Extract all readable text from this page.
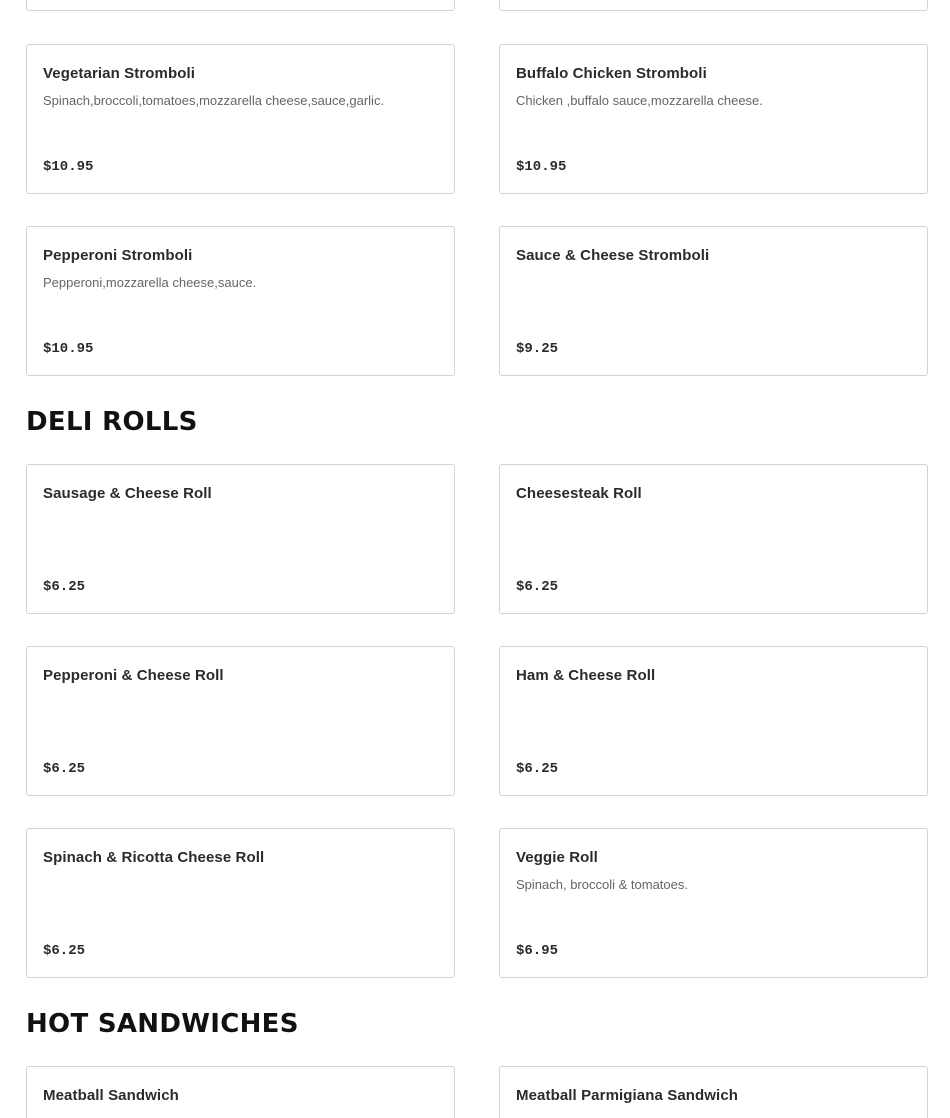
Vegetarian Stromboli
Spinach,broccoli,tomatoes,mozzarella cheese,sauce,garlic.
$10.95
Buffalo Chicken Stromboli
Chicken ,buffalo sauce,mozzarella cheese.
$10.95
Pepperoni Stromboli
Pepperoni,mozzarella cheese,sauce.
$10.95
Sauce & Cheese Stromboli
$9.25
DELI ROLLS
Sausage & Cheese Roll
$6.25
Cheesesteak Roll
$6.25
Pepperoni & Cheese Roll
$6.25
Ham & Cheese Roll
$6.25
Spinach & Ricotta Cheese Roll
$6.25
Veggie Roll
Spinach, broccoli & tomatoes.
$6.95
HOT SANDWICHES
Meatball Sandwich	Meatball Parmigiana Sandwich
